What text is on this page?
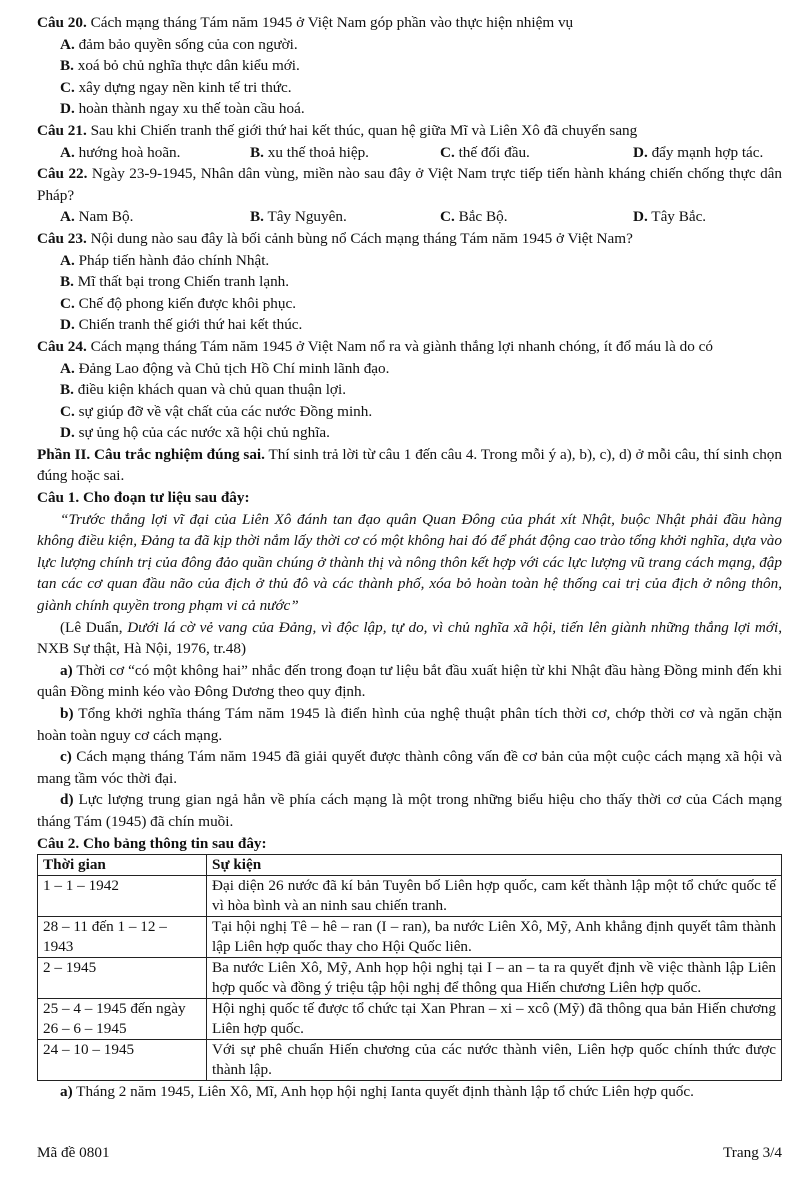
Câu 20. Cách mạng tháng Tám năm 1945 ở Việt Nam góp phần vào thực hiện nhiệm vụ

A. đảm bảo quyền sống của con người.

B. xoá bỏ chủ nghĩa thực dân kiểu mới.

C. xây dựng ngay nền kinh tế tri thức.

D. hoàn thành ngay xu thế toàn cầu hoá.

Câu 21. Sau khi Chiến tranh thế giới thứ hai kết thúc, quan hệ giữa Mĩ và Liên Xô đã chuyển sang

A. hướng hoà hoãn.	B. xu thế thoả hiệp.	C. thế đối đầu.	D. đẩy mạnh hợp tác.

Câu 22. Ngày 23-9-1945, Nhân dân vùng, miền nào sau đây ở Việt Nam trực tiếp tiến hành kháng chiến chống thực dân Pháp?

A. Nam Bộ.	B. Tây Nguyên.	C. Bắc Bộ.	D. Tây Bắc.

Câu 23. Nội dung nào sau đây là bối cảnh bùng nổ Cách mạng tháng Tám năm 1945 ở Việt Nam?

A. Pháp tiến hành đảo chính Nhật.

B. Mĩ thất bại trong Chiến tranh lạnh.

C. Chế độ phong kiến được khôi phục.

D. Chiến tranh thế giới thứ hai kết thúc.

Câu 24. Cách mạng tháng Tám năm 1945 ở Việt Nam nổ ra và giành thắng lợi nhanh chóng, ít đổ máu là do có

A. Đảng Lao động và Chủ tịch Hồ Chí minh lãnh đạo.

B. điều kiện khách quan và chủ quan thuận lợi.

C. sự giúp đỡ về vật chất của các nước Đồng minh.

D. sự ủng hộ của các nước xã hội chủ nghĩa.

Phần II. Câu trắc nghiệm đúng sai. Thí sinh trả lời từ câu 1 đến câu 4. Trong mỗi ý a), b), c), d) ở mỗi câu, thí sinh chọn đúng hoặc sai.

Câu 1. Cho đoạn tư liệu sau đây:

“Trước thắng lợi vĩ đại của Liên Xô đánh tan đạo quân Quan Đông của phát xít Nhật, buộc Nhật phải đầu hàng không điều kiện, Đảng ta đã kịp thời nắm lấy thời cơ có một không hai đó để phát động cao trào tổng khởi nghĩa, dựa vào lực lượng chính trị của đông đảo quần chúng ở thành thị và nông thôn kết hợp với các lực lượng vũ trang cách mạng, đập tan các cơ quan đầu não của địch ở thủ đô và các thành phố, xóa bỏ hoàn toàn hệ thống cai trị của địch ở nông thôn, giành chính quyền trong phạm vi cả nước”

(Lê Duẩn, Dưới lá cờ vẻ vang của Đảng, vì độc lập, tự do, vì chủ nghĩa xã hội, tiến lên giành những thắng lợi mới, NXB Sự thật, Hà Nội, 1976, tr.48)

a) Thời cơ “có một không hai” nhắc đến trong đoạn tư liệu bắt đầu xuất hiện từ khi Nhật đầu hàng Đồng minh đến khi quân Đồng minh kéo vào Đông Dương theo quy định.

b) Tổng khởi nghĩa tháng Tám năm 1945 là điển hình của nghệ thuật phân tích thời cơ, chớp thời cơ và ngăn chặn hoàn toàn nguy cơ cách mạng.

c) Cách mạng tháng Tám năm 1945 đã giải quyết được thành công vấn đề cơ bản của một cuộc cách mạng xã hội và mang tầm vóc thời đại.

d) Lực lượng trung gian ngả hẳn về phía cách mạng là một trong những biểu hiệu cho thấy thời cơ của Cách mạng tháng Tám (1945) đã chín muồi.

Câu 2. Cho bảng thông tin sau đây:

Thời gian	Sự kiện
1 – 1 – 1942	Đại diện 26 nước đã kí bản Tuyên bố Liên hợp quốc, cam kết thành lập một tổ chức quốc tế vì hòa bình và an ninh sau chiến tranh.
28 – 11 đến 1 – 12 – 1943	Tại hội nghị Tê – hê – ran (I – ran), ba nước Liên Xô, Mỹ, Anh khẳng định quyết tâm thành lập Liên hợp quốc thay cho Hội Quốc liên.
2 – 1945	Ba nước Liên Xô, Mỹ, Anh họp hội nghị tại I – an – ta ra quyết định về việc thành lập Liên hợp quốc và đồng ý triệu tập hội nghị để thông qua Hiến chương Liên hợp quốc.
25 – 4 – 1945 đến ngày 26 – 6 – 1945	Hội nghị quốc tế được tổ chức tại Xan Phran – xi – xcô (Mỹ) đã thông qua bản Hiến chương Liên hợp quốc.
24 – 10 – 1945	Với sự phê chuẩn Hiến chương của các nước thành viên, Liên hợp quốc chính thức được thành lập.

a) Tháng 2 năm 1945, Liên Xô, Mĩ, Anh họp hội nghị Ianta quyết định thành lập tổ chức Liên hợp quốc.

Mã đề 0801	Trang 3/4
